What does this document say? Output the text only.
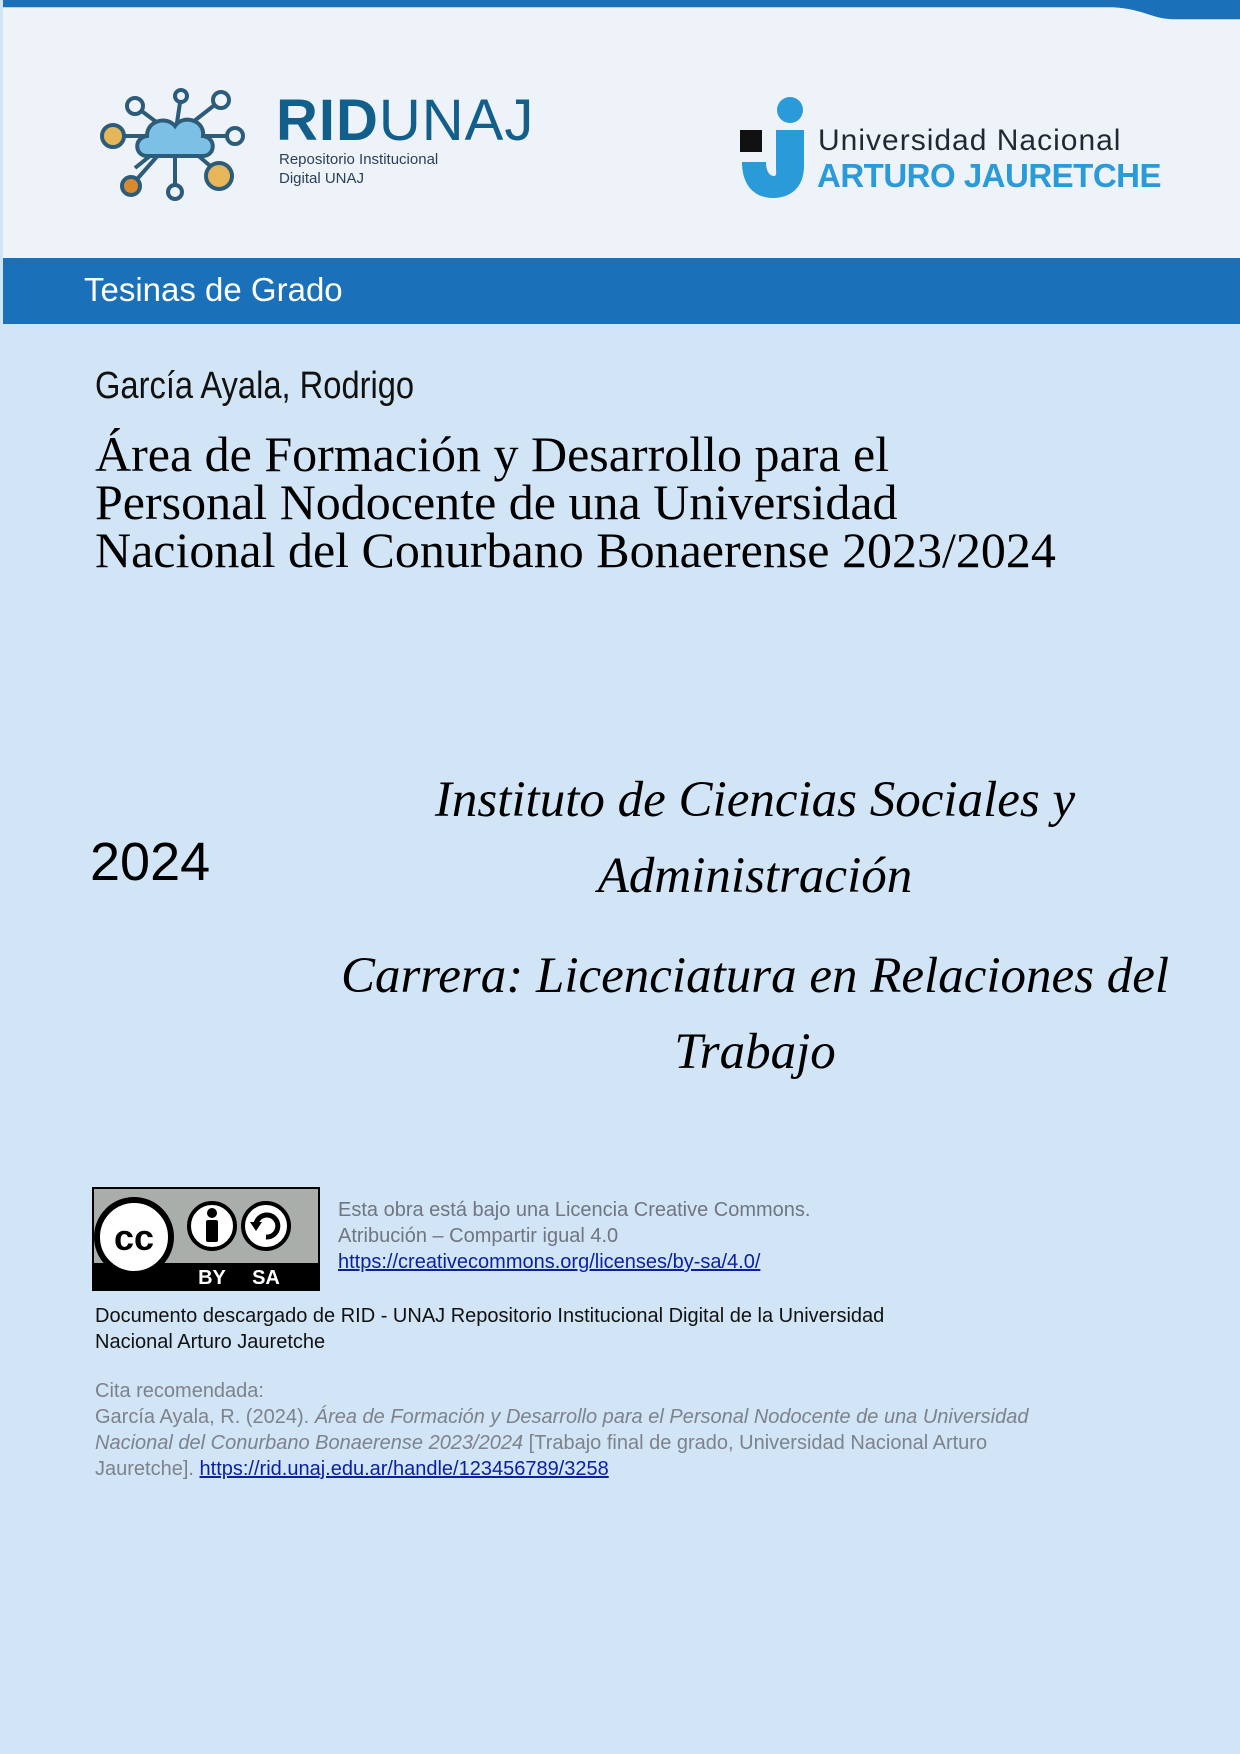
RIDUNAJ
Repositorio Institucional
Digital UNAJ
Universidad Nacional
ARTURO JAURETCHE
Tesinas de Grado
García Ayala, Rodrigo
Área de Formación y Desarrollo para el
Personal Nodocente de una Universidad
Nacional del Conurbano Bonaerense 2023/2024
2024
Instituto de Ciencias Sociales y
Administración
Carrera: Licenciatura en Relaciones del
Trabajo
cc
BY SA
Esta obra está bajo una Licencia Creative Commons.
Atribución – Compartir igual 4.0
https://creativecommons.org/licenses/by-sa/4.0/
Documento descargado de RID - UNAJ Repositorio Institucional Digital de la Universidad
Nacional Arturo Jauretche
Cita recomendada:
García Ayala, R. (2024). Área de Formación y Desarrollo para el Personal Nodocente de una Universidad
Nacional del Conurbano Bonaerense 2023/2024 [Trabajo final de grado, Universidad Nacional Arturo
Jauretche]. https://rid.unaj.edu.ar/handle/123456789/3258
